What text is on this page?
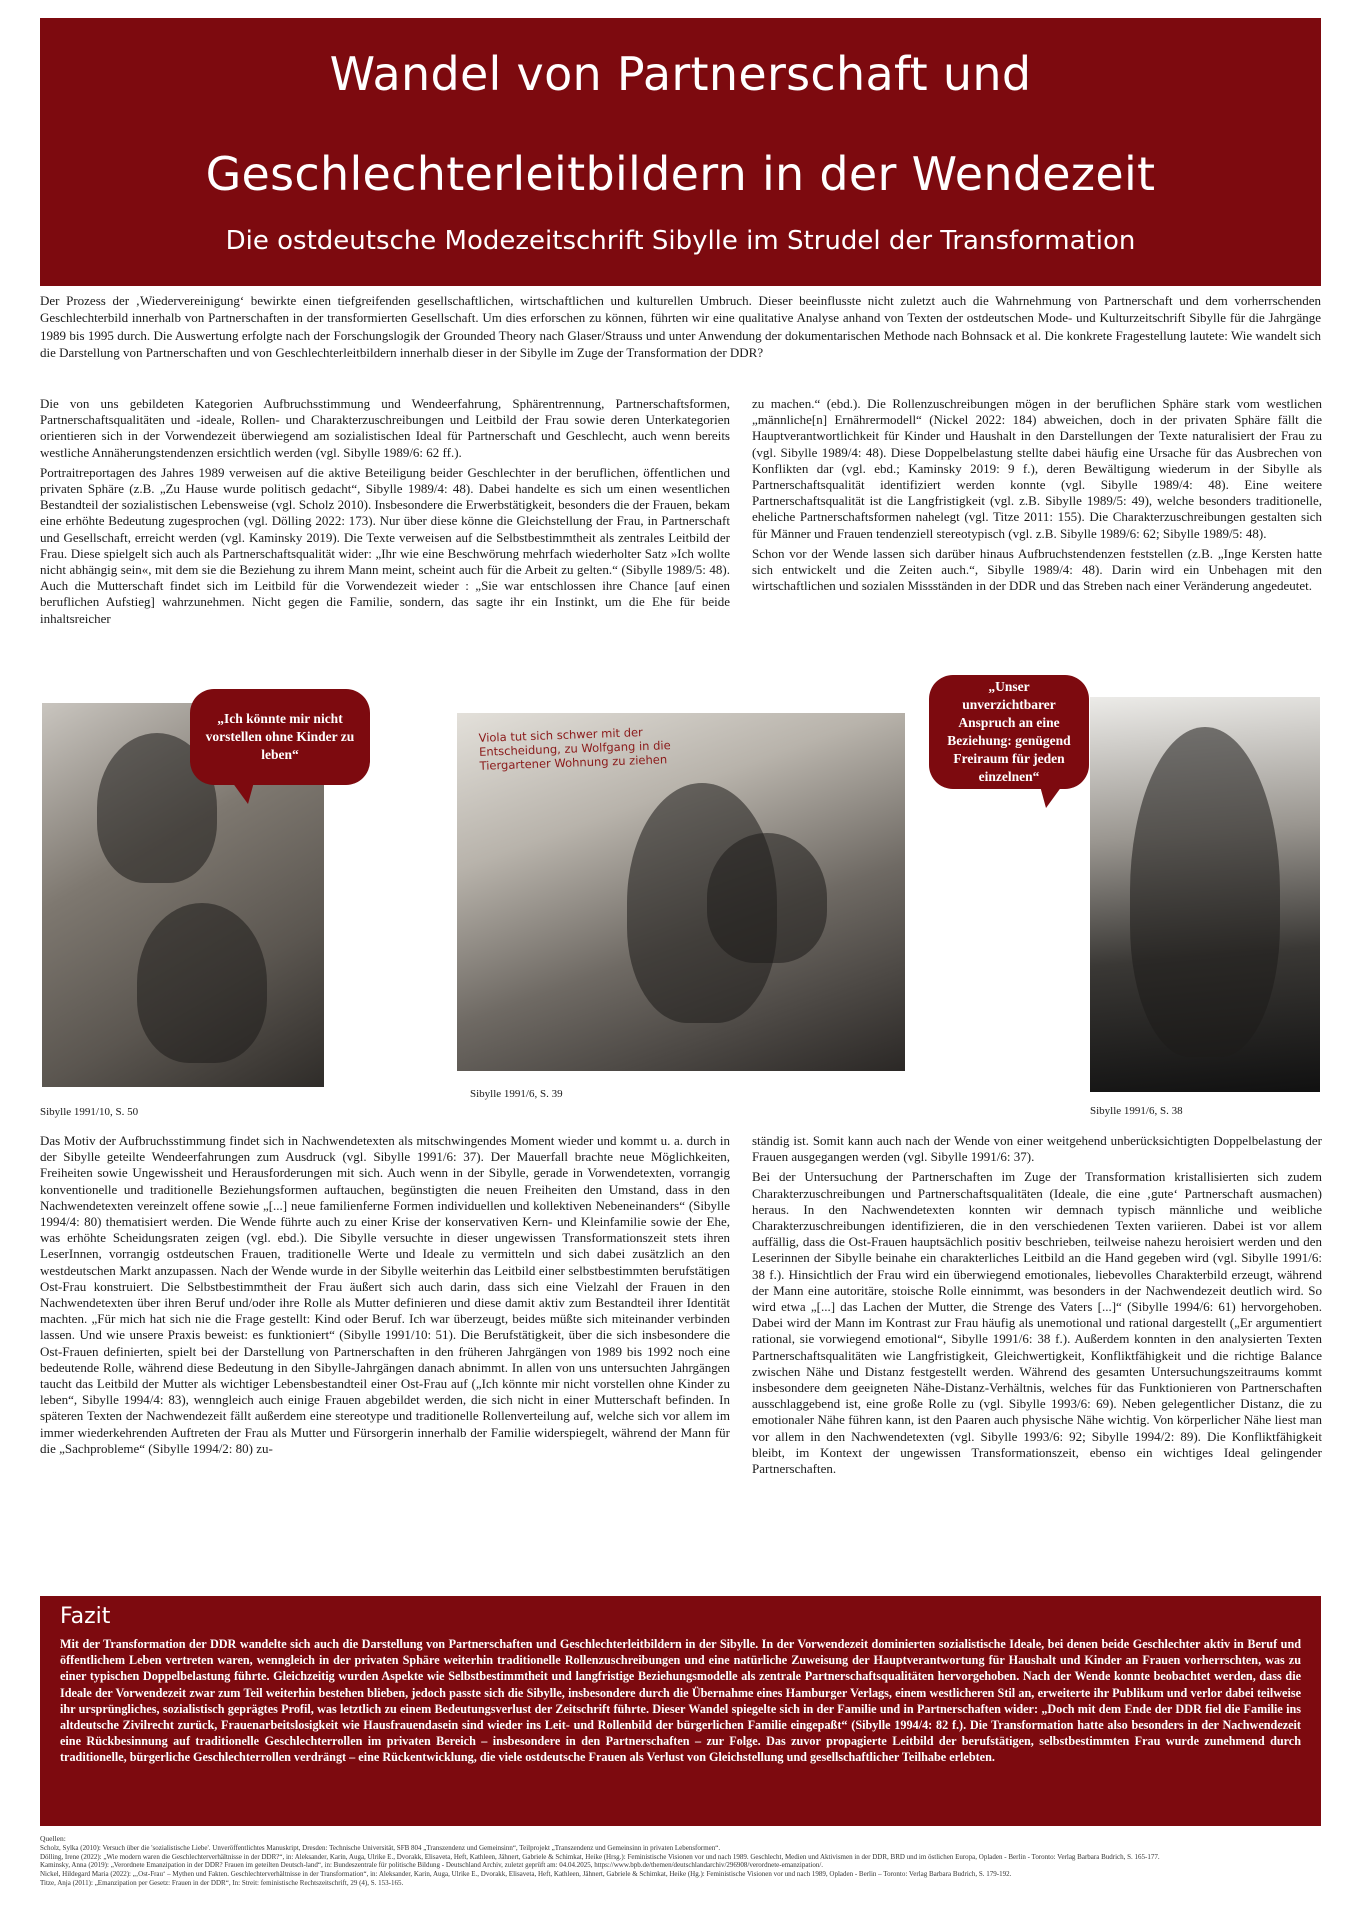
Wandel von Partnerschaft und
Geschlechterleitbildern in der Wendezeit
Die ostdeutsche Modezeitschrift Sibylle im Strudel der Transformation
Der Prozess der ‚Wiedervereinigung‘ bewirkte einen tiefgreifenden gesellschaftlichen, wirtschaftlichen und kulturellen Umbruch. Dieser beeinflusste nicht zuletzt auch die Wahrnehmung von Partnerschaft und dem vorherrschenden Geschlechterbild innerhalb von Partnerschaften in der transformierten Gesellschaft. Um dies erforschen zu können, führten wir eine qualitative Analyse anhand von Texten der ostdeutschen Mode- und Kulturzeitschrift Sibylle für die Jahrgänge 1989 bis 1995 durch. Die Auswertung erfolgte nach der Forschungslogik der Grounded Theory nach Glaser/Strauss und unter Anwendung der dokumentarischen Methode nach Bohnsack et al. Die konkrete Fragestellung lautete: Wie wandelt sich die Darstellung von Partnerschaften und von Geschlechterleitbildern innerhalb dieser in der Sibylle im Zuge der Transformation der DDR?

Die von uns gebildeten Kategorien Aufbruchsstimmung und Wendeerfahrung, Sphärentrennung, Partnerschaftsformen, Partnerschaftsqualitäten und -ideale, Rollen- und Charakterzuschreibungen und Leitbild der Frau sowie deren Unterkategorien orientieren sich in der Vorwendezeit überwiegend am sozialistischen Ideal für Partnerschaft und Geschlecht, auch wenn bereits westliche Annäherungstendenzen ersichtlich werden (vgl. Sibylle 1989/6: 62 ff.).

Portraitreportagen des Jahres 1989 verweisen auf die aktive Beteiligung beider Geschlechter in der beruflichen, öffentlichen und privaten Sphäre (z.B. „Zu Hause wurde politisch gedacht“, Sibylle 1989/4: 48). Dabei handelte es sich um einen wesentlichen Bestandteil der sozialistischen Lebensweise (vgl. Scholz 2010). Insbesondere die Erwerbstätigkeit, besonders die der Frauen, bekam eine erhöhte Bedeutung zugesprochen (vgl. Dölling 2022: 173). Nur über diese könne die Gleichstellung der Frau, in Partnerschaft und Gesellschaft, erreicht werden (vgl. Kaminsky 2019). Die Texte verweisen auf die Selbstbestimmtheit als zentrales Leitbild der Frau. Diese spielgelt sich auch als Partnerschaftsqualität wider: „Ihr wie eine Beschwörung mehrfach wiederholter Satz »Ich wollte nicht abhängig sein«, mit dem sie die Beziehung zu ihrem Mann meint, scheint auch für die Arbeit zu gelten.“ (Sibylle 1989/5: 48). Auch die Mutterschaft findet sich im Leitbild für die Vorwendezeit wieder : „Sie war entschlossen ihre Chance [auf einen beruflichen Aufstieg] wahrzunehmen. Nicht gegen die Familie, sondern, das sagte ihr ein Instinkt, um die Ehe für beide inhaltsreicher

zu machen.“ (ebd.). Die Rollenzuschreibungen mögen in der beruflichen Sphäre stark vom westlichen „männliche[n] Ernährermodell“ (Nickel 2022: 184) abweichen, doch in der privaten Sphäre fällt die Hauptverantwortlichkeit für Kinder und Haushalt in den Darstellungen der Texte naturalisiert der Frau zu (vgl. Sibylle 1989/4: 48). Diese Doppelbelastung stellte dabei häufig eine Ursache für das Ausbrechen von Konflikten dar (vgl. ebd.; Kaminsky 2019: 9 f.), deren Bewältigung wiederum in der Sibylle als Partnerschaftsqualität identifiziert werden konnte (vgl. Sibylle 1989/4: 48). Eine weitere Partnerschaftsqualität ist die Langfristigkeit (vgl. z.B. Sibylle 1989/5: 49), welche besonders traditionelle, eheliche Partnerschaftsformen nahelegt (vgl. Titze 2011: 155). Die Charakterzuschreibungen gestalten sich für Männer und Frauen tendenziell stereotypisch (vgl. z.B. Sibylle 1989/6: 62; Sibylle 1989/5: 48).

Schon vor der Wende lassen sich darüber hinaus Aufbruchstendenzen feststellen (z.B. „Inge Kersten hatte sich entwickelt und die Zeiten auch.“, Sibylle 1989/4: 48). Darin wird ein Unbehagen mit den wirtschaftlichen und sozialen Missständen in der DDR und das Streben nach einer Veränderung angedeutet.

Viola tut sich schwer mit der Entscheidung, zu Wolfgang in die Tiergartener Wohnung zu ziehen
„Ich könnte mir nicht vorstellen ohne Kinder zu leben“
„Unser unverzichtbarer Anspruch an eine Beziehung: genügend Freiraum für jeden einzelnen“
Sibylle 1991/10, S. 50
Sibylle 1991/6, S. 39
Sibylle 1991/6, S. 38

Das Motiv der Aufbruchsstimmung findet sich in Nachwendetexten als mitschwingendes Moment wieder und kommt u. a. durch in der Sibylle geteilte Wendeerfahrungen zum Ausdruck (vgl. Sibylle 1991/6: 37). Der Mauerfall brachte neue Möglichkeiten, Freiheiten sowie Ungewissheit und Herausforderungen mit sich. Auch wenn in der Sibylle, gerade in Vorwendetexten, vorrangig konventionelle und traditionelle Beziehungsformen auftauchen, begünstigten die neuen Freiheiten den Umstand, dass in den Nachwendetexten vereinzelt offene sowie „[...] neue familienferne Formen individuellen und kollektiven Nebeneinanders“ (Sibylle 1994/4: 80) thematisiert werden. Die Wende führte auch zu einer Krise der konservativen Kern- und Kleinfamilie sowie der Ehe, was erhöhte Scheidungsraten zeigen (vgl. ebd.). Die Sibylle versuchte in dieser ungewissen Transformationszeit stets ihren LeserInnen, vorrangig ostdeutschen Frauen, traditionelle Werte und Ideale zu vermitteln und sich dabei zusätzlich an den westdeutschen Markt anzupassen. Nach der Wende wurde in der Sibylle weiterhin das Leitbild einer selbstbestimmten berufstätigen Ost-Frau konstruiert. Die Selbstbestimmtheit der Frau äußert sich auch darin, dass sich eine Vielzahl der Frauen in den Nachwendetexten über ihren Beruf und/oder ihre Rolle als Mutter definieren und diese damit aktiv zum Bestandteil ihrer Identität machten. „Für mich hat sich nie die Frage gestellt: Kind oder Beruf. Ich war überzeugt, beides müßte sich miteinander verbinden lassen. Und wie unsere Praxis beweist: es funktioniert“ (Sibylle 1991/10: 51). Die Berufstätigkeit, über die sich insbesondere die Ost-Frauen definierten, spielt bei der Darstellung von Partnerschaften in den früheren Jahrgängen von 1989 bis 1992 noch eine bedeutende Rolle, während diese Bedeutung in den Sibylle-Jahrgängen danach abnimmt. In allen von uns untersuchten Jahrgängen taucht das Leitbild der Mutter als wichtiger Lebensbestandteil einer Ost-Frau auf („Ich könnte mir nicht vorstellen ohne Kinder zu leben“, Sibylle 1994/4: 83), wenngleich auch einige Frauen abgebildet werden, die sich nicht in einer Mutterschaft befinden. In späteren Texten der Nachwendezeit fällt außerdem eine stereotype und traditionelle Rollenverteilung auf, welche sich vor allem im immer wiederkehrenden Auftreten der Frau als Mutter und Fürsorgerin innerhalb der Familie widerspiegelt, während der Mann für die „Sachprobleme“ (Sibylle 1994/2: 80) zu-

ständig ist. Somit kann auch nach der Wende von einer weitgehend unberücksichtigten Doppelbelastung der Frauen ausgegangen werden (vgl. Sibylle 1991/6: 37).

Bei der Untersuchung der Partnerschaften im Zuge der Transformation kristallisierten sich zudem Charakterzuschreibungen und Partnerschaftsqualitäten (Ideale, die eine ‚gute‘ Partnerschaft ausmachen) heraus. In den Nachwendetexten konnten wir demnach typisch männliche und weibliche Charakterzuschreibungen identifizieren, die in den verschiedenen Texten variieren. Dabei ist vor allem auffällig, dass die Ost-Frauen hauptsächlich positiv beschrieben, teilweise nahezu heroisiert werden und den Leserinnen der Sibylle beinahe ein charakterliches Leitbild an die Hand gegeben wird (vgl. Sibylle 1991/6: 38 f.). Hinsichtlich der Frau wird ein überwiegend emotionales, liebevolles Charakterbild erzeugt, während der Mann eine autoritäre, stoische Rolle einnimmt, was besonders in der Nachwendezeit deutlich wird. So wird etwa „[...] das Lachen der Mutter, die Strenge des Vaters [...]“ (Sibylle 1994/6: 61) hervorgehoben. Dabei wird der Mann im Kontrast zur Frau häufig als unemotional und rational dargestellt („Er argumentiert rational, sie vorwiegend emotional“, Sibylle 1991/6: 38 f.). Außerdem konnten in den analysierten Texten Partnerschaftsqualitäten wie Langfristigkeit, Gleichwertigkeit, Konfliktfähigkeit und die richtige Balance zwischen Nähe und Distanz festgestellt werden. Während des gesamten Untersuchungszeitraums kommt insbesondere dem geeigneten Nähe-Distanz-Verhältnis, welches für das Funktionieren von Partnerschaften ausschlaggebend ist, eine große Rolle zu (vgl. Sibylle 1993/6: 69). Neben gelegentlicher Distanz, die zu emotionaler Nähe führen kann, ist den Paaren auch physische Nähe wichtig. Von körperlicher Nähe liest man vor allem in den Nachwendetexten (vgl. Sibylle 1993/6: 92; Sibylle 1994/2: 89). Die Konfliktfähigkeit bleibt, im Kontext der ungewissen Transformationszeit, ebenso ein wichtiges Ideal gelingender Partnerschaften.

Fazit
Mit der Transformation der DDR wandelte sich auch die Darstellung von Partnerschaften und Geschlechterleitbildern in der Sibylle. In der Vorwendezeit dominierten sozialistische Ideale, bei denen beide Geschlechter aktiv in Beruf und öffentlichem Leben vertreten waren, wenngleich in der privaten Sphäre weiterhin traditionelle Rollenzuschreibungen und eine natürliche Zuweisung der Hauptverantwortung für Haushalt und Kinder an Frauen vorherrschten, was zu einer typischen Doppelbelastung führte. Gleichzeitig wurden Aspekte wie Selbstbestimmtheit und langfristige Beziehungsmodelle als zentrale Partnerschaftsqualitäten hervorgehoben. Nach der Wende konnte beobachtet werden, dass die Ideale der Vorwendezeit zwar zum Teil weiterhin bestehen blieben, jedoch passte sich die Sibylle, insbesondere durch die Übernahme eines Hamburger Verlags, einem westlicheren Stil an, erweiterte ihr Publikum und verlor dabei teilweise ihr ursprüngliches, sozialistisch geprägtes Profil, was letztlich zu einem Bedeutungsverlust der Zeitschrift führte. Dieser Wandel spiegelte sich in der Familie und in Partnerschaften wider: „Doch mit dem Ende der DDR fiel die Familie ins altdeutsche Zivilrecht zurück, Frauenarbeitslosigkeit wie Hausfrauendasein sind wieder ins Leit- und Rollenbild der bürgerlichen Familie eingepaßt“ (Sibylle 1994/4: 82 f.). Die Transformation hatte also besonders in der Nachwendezeit eine Rückbesinnung auf traditionelle Geschlechterrollen im privaten Bereich – insbesondere in den Partnerschaften – zur Folge. Das zuvor propagierte Leitbild der berufstätigen, selbstbestimmten Frau wurde zunehmend durch traditionelle, bürgerliche Geschlechterrollen verdrängt – eine Rückentwicklung, die viele ostdeutsche Frauen als Verlust von Gleichstellung und gesellschaftlicher Teilhabe erlebten.

Quellen:

Scholz, Sylka (2010): Versuch über die 'sozialistische Liebe'. Unveröffentlichtes Manuskript, Dresden: Technische Universität, SFB 804 „Transzendenz und Gemeinsinn“, Teilprojekt „Transzendenz und Gemeinsinn in privaten Lebensformen“.

Dölling, Irene (2022): „Wie modern waren die Geschlechterverhältnisse in der DDR?“, in: Aleksander, Karin, Auga, Ulrike E., Dvorakk, Elisaveta, Heft, Kathleen, Jähnert, Gabriele & Schimkat, Heike (Hrsg.): Feministische Visionen vor und nach 1989. Geschlecht, Medien und Aktivismen in der DDR, BRD und im östlichen Europa, Opladen - Berlin - Toronto: Verlag Barbara Budrich, S. 165-177.

Kaminsky, Anna (2019): „Verordnete Emanzipation in der DDR? Frauen im geteilten Deutsch-land“, in: Bundeszentrale für politische Bildung - Deutschland Archiv, zuletzt geprüft am: 04.04.2025, https://www.bpb.de/themen/deutschlandarchiv/296908/verordnete-emanzipation/.

Nickel, Hildegard Maria (2022): „‚Ost-Frau‘ – Mythen und Fakten. Geschlechterverhältnisse in der Transformation“, in: Aleksander, Karin, Auga, Ulrike E., Dvorakk, Elisaveta, Heft, Kathleen, Jähnert, Gabriele & Schimkat, Heike (Hg.): Feministische Visionen vor und nach 1989, Opladen - Berlin – Toronto: Verlag Barbara Budrich, S. 179-192.

Titze, Anja (2011): „Emanzipation per Gesetz: Frauen in der DDR“, In: Streit: feministische Rechtszeitschrift, 29 (4), S. 153-165.
